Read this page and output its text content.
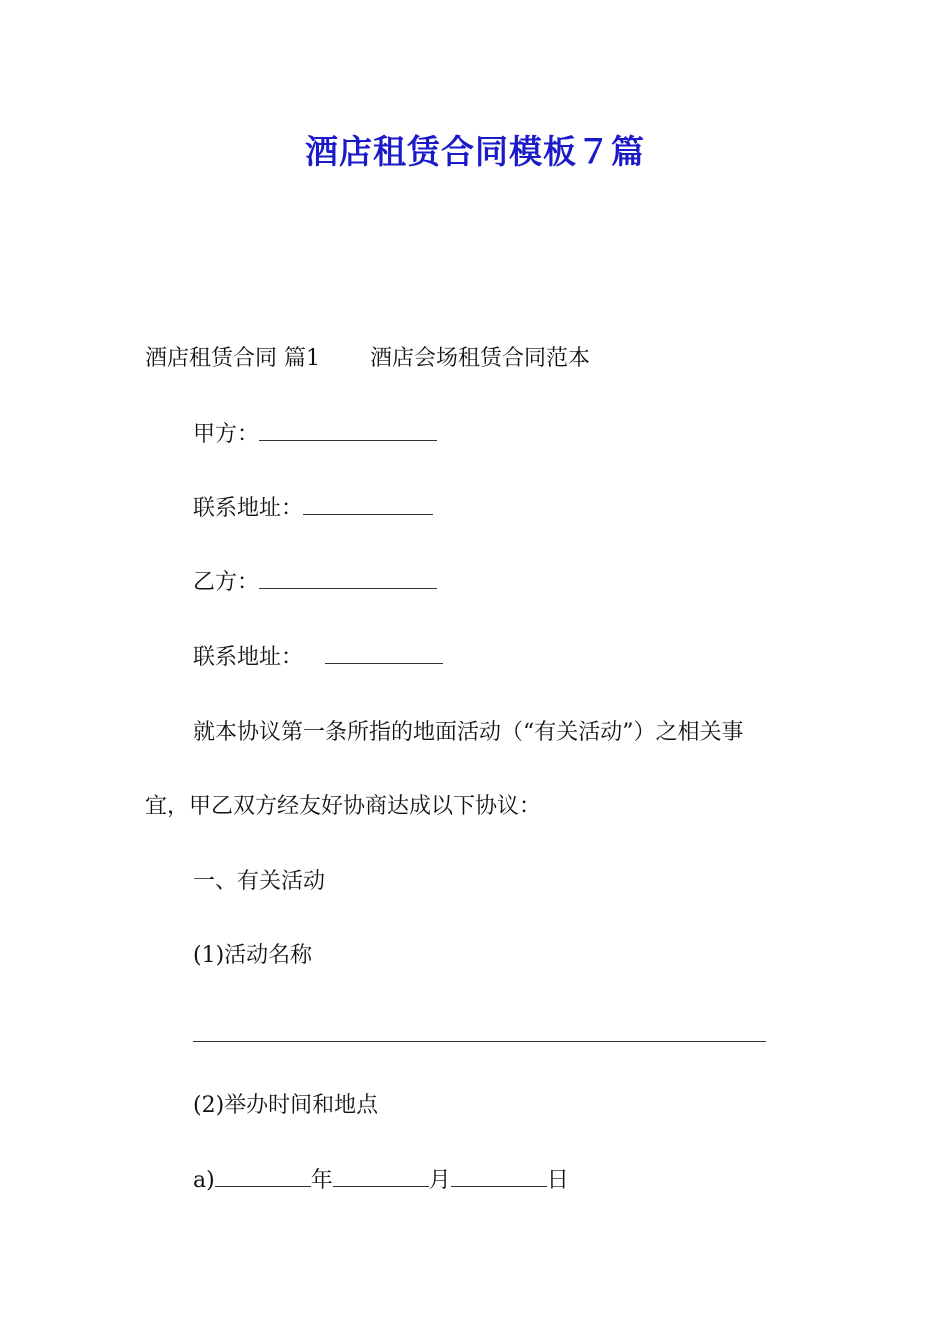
酒店租赁合同模板７篇
酒店租赁合同 篇1 酒店会场租赁合同范本
甲方：
联系地址：
乙方：
联系地址：
就本协议第一条所指的地面活动（“有关活动”）之相关事
宜，甲乙双方经友好协商达成以下协议：
一、有关活动
(1)活动名称
(2)举办时间和地点
a)	年	月	日
